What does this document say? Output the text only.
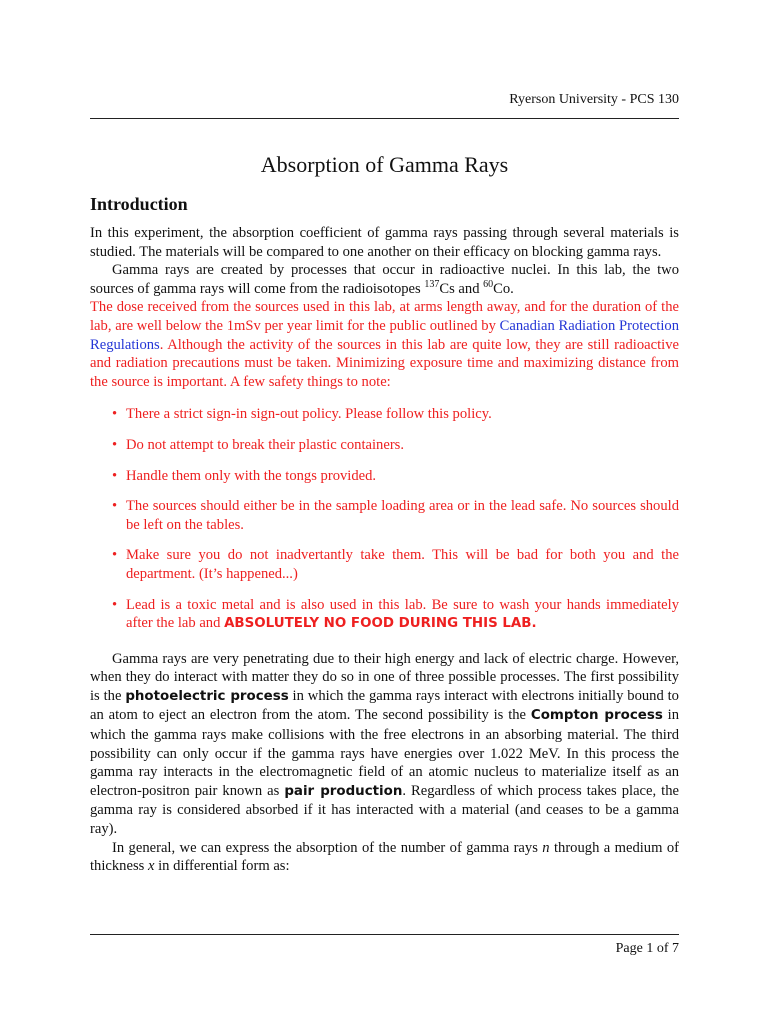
Ryerson University - PCS 130
Absorption of Gamma Rays
Introduction

In this experiment, the absorption coefficient of gamma rays passing through several materials is studied. The materials will be compared to one another on their efficacy on blocking gamma rays.

Gamma rays are created by processes that occur in radioactive nuclei. In this lab, the two sources of gamma rays will come from the radioisotopes $^{137}$Cs and $^{60}$Co.

The dose received from the sources used in this lab, at arms length away, and for the duration of the lab, are well below the 1mSv per year limit for the public outlined by Canadian Radiation Protection Regulations. Although the activity of the sources in this lab are quite low, they are still radioactive and radiation precautions must be taken. Minimizing exposure time and maximizing distance from the source is important. A few safety things to note:

• There a strict sign-in sign-out policy. Please follow this policy.
• Do not attempt to break their plastic containers.
• Handle them only with the tongs provided.
• The sources should either be in the sample loading area or in the lead safe. No sources should be left on the tables.
• Make sure you do not inadvertantly take them. This will be bad for both you and the department. (It’s happened...)
• Lead is a toxic metal and is also used in this lab. Be sure to wash your hands immediately after the lab and ABSOLUTELY NO FOOD DURING THIS LAB.

Gamma rays are very penetrating due to their high energy and lack of electric charge. However, when they do interact with matter they do so in one of three possible processes. The first possibility is the photoelectric process in which the gamma rays interact with electrons initially bound to an atom to eject an electron from the atom. The second possibility is the Compton process in which the gamma rays make collisions with the free electrons in an absorbing material. The third possibility can only occur if the gamma rays have energies over 1.022 MeV. In this process the gamma ray interacts in the electromagnetic field of an atomic nucleus to materialize itself as an electron-positron pair known as pair production. Regardless of which process takes place, the gamma ray is considered absorbed if it has interacted with a material (and ceases to be a gamma ray).

In general, we can express the absorption of the number of gamma rays n through a medium of thickness x in differential form as:

Page 1 of 7
